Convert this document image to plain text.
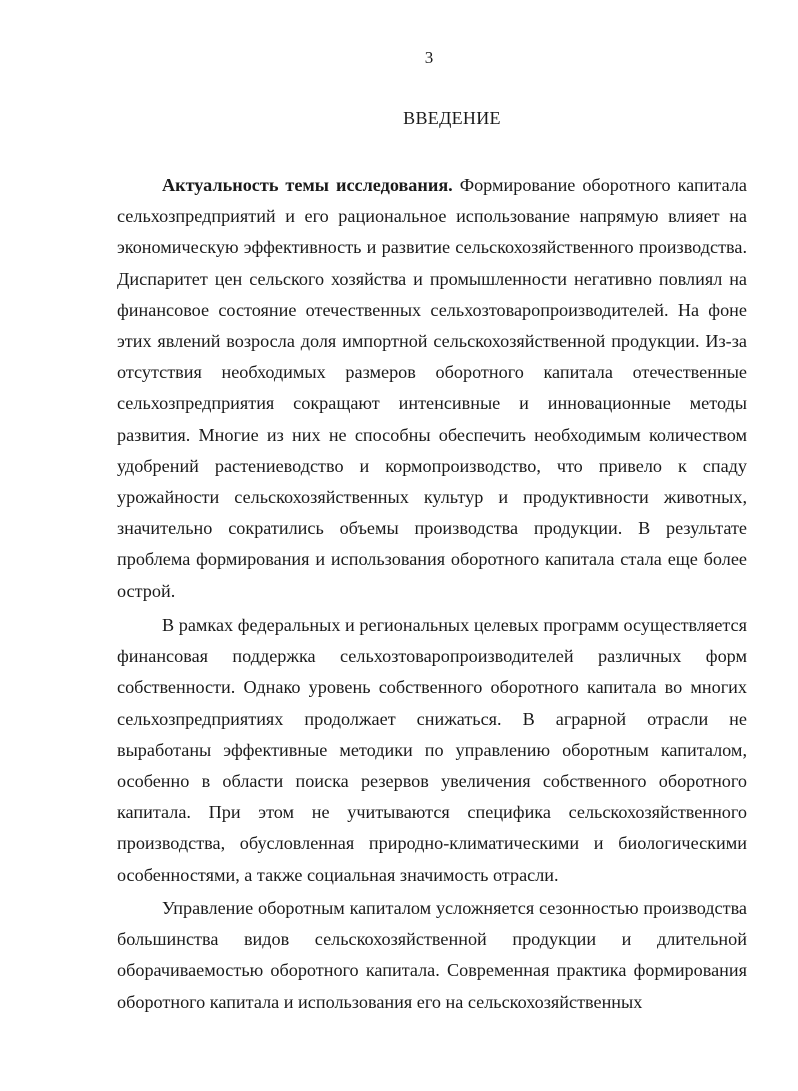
3
ВВЕДЕНИЕ

Актуальность темы исследования. Формирование оборотного капитала сельхозпредприятий и его рациональное использование напрямую влияет на экономическую эффективность и развитие сельскохозяйственного производства. Диспаритет цен сельского хозяйства и промышленности негативно повлиял на финансовое состояние отечественных сельхозтоваропроизводителей. На фоне этих явлений возросла доля импортной сельскохозяйственной продукции. Из-за отсутствия необходимых размеров оборотного капитала отечественные сельхозпредприятия сокращают интенсивные и инновационные методы развития. Многие из них не способны обеспечить необходимым количеством удобрений растениеводство и кормопроизводство, что привело к спаду урожайности сельскохозяйственных культур и продуктивности животных, значительно сократились объемы производства продукции. В результате проблема формирования и использования оборотного капитала стала еще более острой.

В рамках федеральных и региональных целевых программ осуществляется финансовая поддержка сельхозтоваропроизводителей различных форм собственности. Однако уровень собственного оборотного капитала во многих сельхозпредприятиях продолжает снижаться. В аграрной отрасли не выработаны эффективные методики по управлению оборотным капиталом, особенно в области поиска резервов увеличения собственного оборотного капитала. При этом не учитываются специфика сельскохозяйственного производства, обусловленная природно-климатическими и биологическими особенностями, а также социальная значимость отрасли.

Управление оборотным капиталом усложняется сезонностью производства большинства видов сельскохозяйственной продукции и длительной оборачиваемостью оборотного капитала. Современная практика формирования оборотного капитала и использования его на сельскохозяйственных
